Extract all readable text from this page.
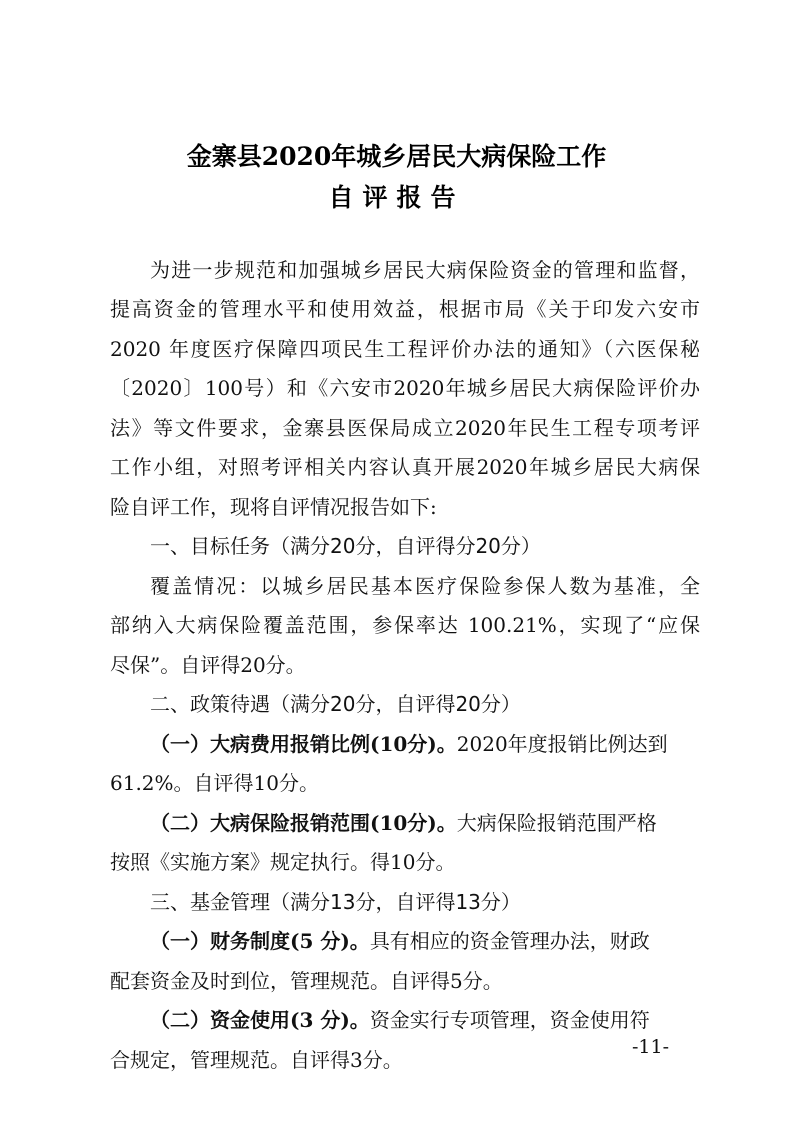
金寨县2020年城乡居民大病保险工作
自评报告
为进一步规范和加强城乡居民大病保险资金的管理和监督，
提高资金的管理水平和使用效益，根据市局《关于印发六安市
2020 年度医疗保障四项民生工程评价办法的通知》（六医保秘
〔2020〕100号）和《六安市2020年城乡居民大病保险评价办
法》等文件要求，金寨县医保局成立2020年民生工程专项考评
工作小组，对照考评相关内容认真开展2020年城乡居民大病保
险自评工作，现将自评情况报告如下:
一、目标任务（满分20分，自评得分20分）
覆盖情况：以城乡居民基本医疗保险参保人数为基准，全
部纳入大病保险覆盖范围，参保率达 100.21%，实现了“应保
尽保”。自评得20分。
二、政策待遇（满分20分，自评得20分）
（一）大病费用报销比例(10分)。2020年度报销比例达到
61.2%。自评得10分。
（二）大病保险报销范围(10分)。大病保险报销范围严格
按照《实施方案》规定执行。得10分。
三、基金管理（满分13分，自评得13分）
（一）财务制度(5 分)。具有相应的资金管理办法，财政
配套资金及时到位，管理规范。自评得5分。
（二）资金使用(3 分)。资金实行专项管理，资金使用符
合规定，管理规范。自评得3分。
-11-
